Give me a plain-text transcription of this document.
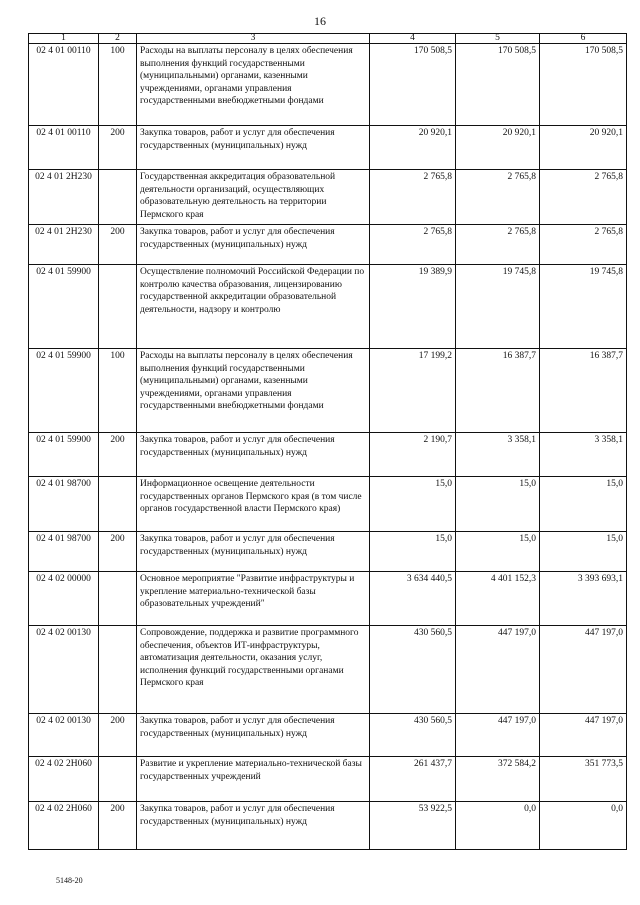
16
1	2	3	4	5	6
02 4 01 00110	100	Расходы на выплаты персоналу в целях обеспечения выполнения функций государственными (муниципальными) органами, казенными учреждениями, органами управления государственными внебюджетными фондами	170 508,5	170 508,5	170 508,5
02 4 01 00110	200	Закупка товаров, работ и услуг для обеспечения государственных (муниципальных) нужд	20 920,1	20 920,1	20 920,1
02 4 01 2Н230		Государственная аккредитация образовательной деятельности организаций, осуществляющих образовательную деятельность на территории Пермского края	2 765,8	2 765,8	2 765,8
02 4 01 2Н230	200	Закупка товаров, работ и услуг для обеспечения государственных (муниципальных) нужд	2 765,8	2 765,8	2 765,8
02 4 01 59900		Осуществление полномочий Российской Федерации по контролю качества образования, лицензированию государственной аккредитации образовательной деятельности, надзору и контролю	19 389,9	19 745,8	19 745,8
02 4 01 59900	100	Расходы на выплаты персоналу в целях обеспечения выполнения функций государственными (муниципальными) органами, казенными учреждениями, органами управления государственными внебюджетными фондами	17 199,2	16 387,7	16 387,7
02 4 01 59900	200	Закупка товаров, работ и услуг для обеспечения государственных (муниципальных) нужд	2 190,7	3 358,1	3 358,1
02 4 01 98700		Информационное освещение деятельности государственных органов Пермского края (в том числе органов государственной власти Пермского края)	15,0	15,0	15,0
02 4 01 98700	200	Закупка товаров, работ и услуг для обеспечения государственных (муниципальных) нужд	15,0	15,0	15,0
02 4 02 00000		Основное мероприятие "Развитие инфраструктуры и укрепление материально-технической базы образовательных учреждений"	3 634 440,5	4 401 152,3	3 393 693,1
02 4 02 00130		Сопровождение, поддержка и развитие программного обеспечения, объектов ИТ-инфраструктуры, автоматизация деятельности, оказания услуг, исполнения функций государственными органами Пермского края	430 560,5	447 197,0	447 197,0
02 4 02 00130	200	Закупка товаров, работ и услуг для обеспечения государственных (муниципальных) нужд	430 560,5	447 197,0	447 197,0
02 4 02 2Н060		Развитие и укрепление материально-технической базы государственных учреждений	261 437,7	372 584,2	351 773,5
02 4 02 2Н060	200	Закупка товаров, работ и услуг для обеспечения государственных (муниципальных) нужд	53 922,5	0,0	0,0
5148-20
